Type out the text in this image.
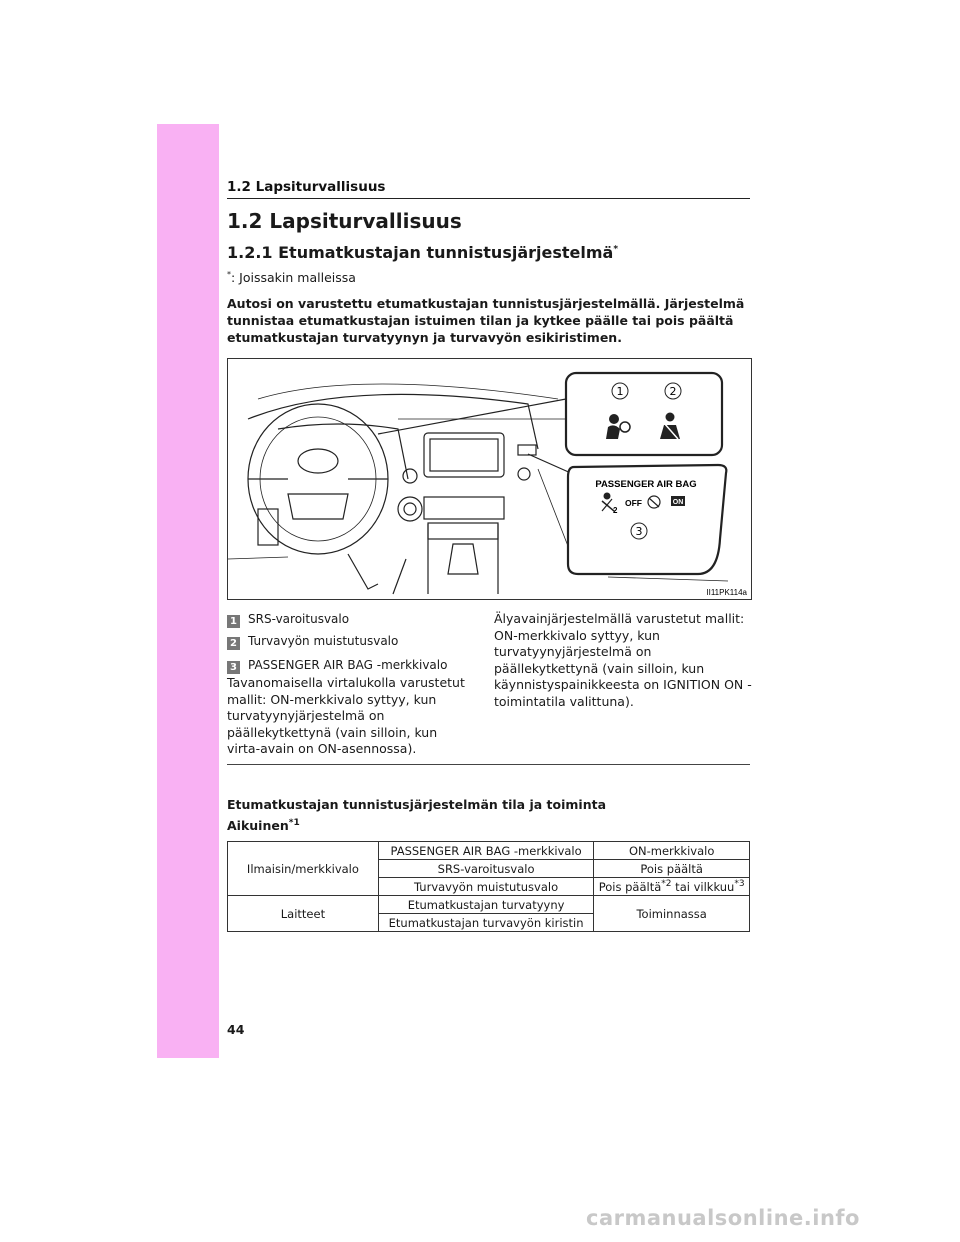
1.2 Lapsiturvallisuus
1.2 Lapsiturvallisuus
1.2.1 Etumatkustajan tunnistusjärjestelmä*
*: Joissakin malleissa
Autosi on varustettu etumatkustajan tunnistusjärjestelmällä. Järjestelmä tunnistaa etumatkustajan istuimen tilan ja kytkee päälle tai pois päältä etumatkustajan turvatyynyn ja turvavyön esikiristimen.
1	2
PASSENGER AIR BAG
2
OFF	ON
3
II11PK114a
1 SRS-varoitusvalo
2 Turvavyön muistutusvalo
3 PASSENGER AIR BAG -merkkivalo
Tavanomaisella virtalukolla varustetut mallit: ON-merkkivalo syttyy, kun turvatyynyjärjestelmä on päällekytkettynä (vain silloin, kun virta-avain on ON-asennossa).
Älyavainjärjestelmällä varustetut mallit: ON-merkkivalo syttyy, kun turvatyynyjärjestelmä on päällekytkettynä (vain silloin, kun käynnistyspainikkeesta on IGNITION ON -toimintatila valittuna).
Etumatkustajan tunnistusjärjestelmän tila ja toiminta
Aikuinen$^{*1}$
Ilmaisin/merkkivalo	PASSENGER AIR BAG -merkkivalo	ON-merkkivalo
	SRS-varoitusvalo	Pois päältä
	Turvavyön muistutusvalo	Pois päältä$^{*2}$ tai vilkkuu$^{*3}$
Laitteet	Etumatkustajan turvatyyny	Toiminnassa
	Etumatkustajan turvavyön kiristin	
44
carmanualsonline.info
